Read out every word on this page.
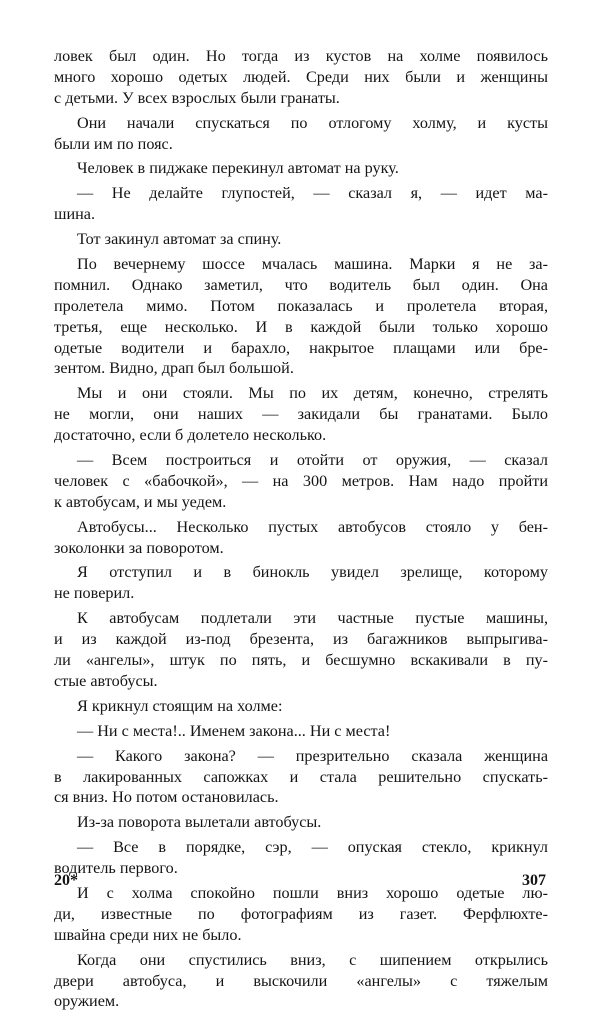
ловек был один. Но тогда из кустов на холме появилось
много хорошо одетых людей. Среди них были и женщины
с детьми. У всех взрослых были гранаты.
Они начали спускаться по отлогому холму, и кусты
были им по пояс.
Человек в пиджаке перекинул автомат на руку.
— Не делайте глупостей, — сказал я, — идет ма-
шина.
Тот закинул автомат за спину.
По вечернему шоссе мчалась машина. Марки я не за-
помнил. Однако заметил, что водитель был один. Она
пролетела мимо. Потом показалась и пролетела вторая,
третья, еще несколько. И в каждой были только хорошо
одетые водители и барахло, накрытое плащами или бре-
зентом. Видно, драп был большой.
Мы и они стояли. Мы по их детям, конечно, стрелять
не могли, они наших — закидали бы гранатами. Было
достаточно, если б долетело несколько.
— Всем построиться и отойти от оружия, — сказал
человек с «бабочкой», — на 300 метров. Нам надо пройти
к автобусам, и мы уедем.
Автобусы... Несколько пустых автобусов стояло у бен-
зоколонки за поворотом.
Я отступил и в бинокль увидел зрелище, которому
не поверил.
К автобусам подлетали эти частные пустые машины,
и из каждой из-под брезента, из багажников выпрыгива-
ли «ангелы», штук по пять, и бесшумно вскакивали в пу-
стые автобусы.
Я крикнул стоящим на холме:
— Ни с места!.. Именем закона... Ни с места!
— Какого закона? — презрительно сказала женщина
в лакированных сапожках и стала решительно спускать-
ся вниз. Но потом остановилась.
Из-за поворота вылетали автобусы.
— Все в порядке, сэр, — опуская стекло, крикнул
водитель первого.
И с холма спокойно пошли вниз хорошо одетые лю-
ди, известные по фотографиям из газет. Ферфлюхте-
швайна среди них не было.
Когда они спустились вниз, с шипением открылись
двери автобуса, и выскочили «ангелы» с тяжелым
оружием.
20*	307
